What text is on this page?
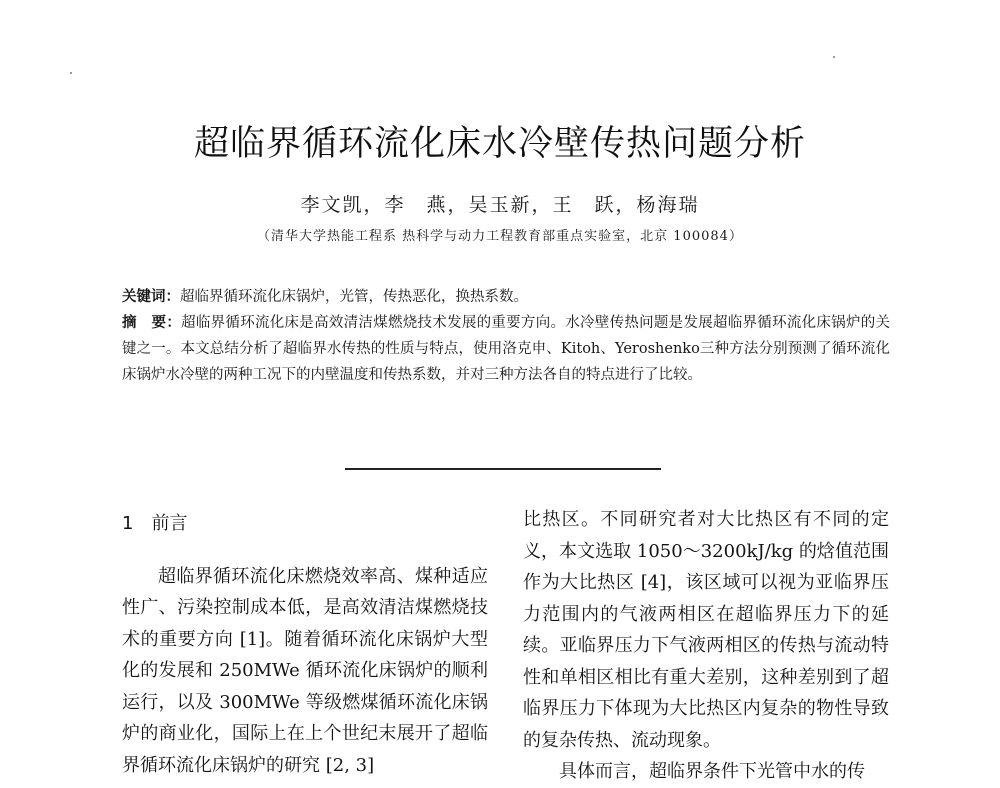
超临界循环流化床水冷壁传热问题分析
李文凯，李　燕，吴玉新，王　跃，杨海瑞
（清华大学热能工程系 热科学与动力工程教育部重点实验室，北京 100084）

关键词：超临界循环流化床锅炉，光管，传热恶化，换热系数。

摘　要：超临界循环流化床是高效清洁煤燃烧技术发展的重要方向。水冷壁传热问题是发展超临界循环流化床锅炉的关键之一。本文总结分析了超临界水传热的性质与特点，使用洛克申、Kitoh、Yeroshenko三种方法分别预测了循环流化床锅炉水冷壁的两种工况下的内壁温度和传热系数，并对三种方法各自的特点进行了比较。

1　前言

超临界循环流化床燃烧效率高、煤种适应性广、污染控制成本低，是高效清洁煤燃烧技术的重要方向 [1]。随着循环流化床锅炉大型化的发展和 250MWe 循环流化床锅炉的顺利运行，以及 300MWe 等级燃煤循环流化床锅炉的商业化，国际上在上个世纪末展开了超临界循环流化床锅炉的研究 [2, 3]

比热区。不同研究者对大比热区有不同的定义，本文选取 1050～3200kJ/kg 的焓值范围作为大比热区 [4]，该区域可以视为亚临界压力范围内的气液两相区在超临界压力下的延续。亚临界压力下气液两相区的传热与流动特性和单相区相比有重大差别，这种差别到了超临界压力下体现为大比热区内复杂的物性导致的复杂传热、流动现象。

具体而言，超临界条件下光管中水的传
